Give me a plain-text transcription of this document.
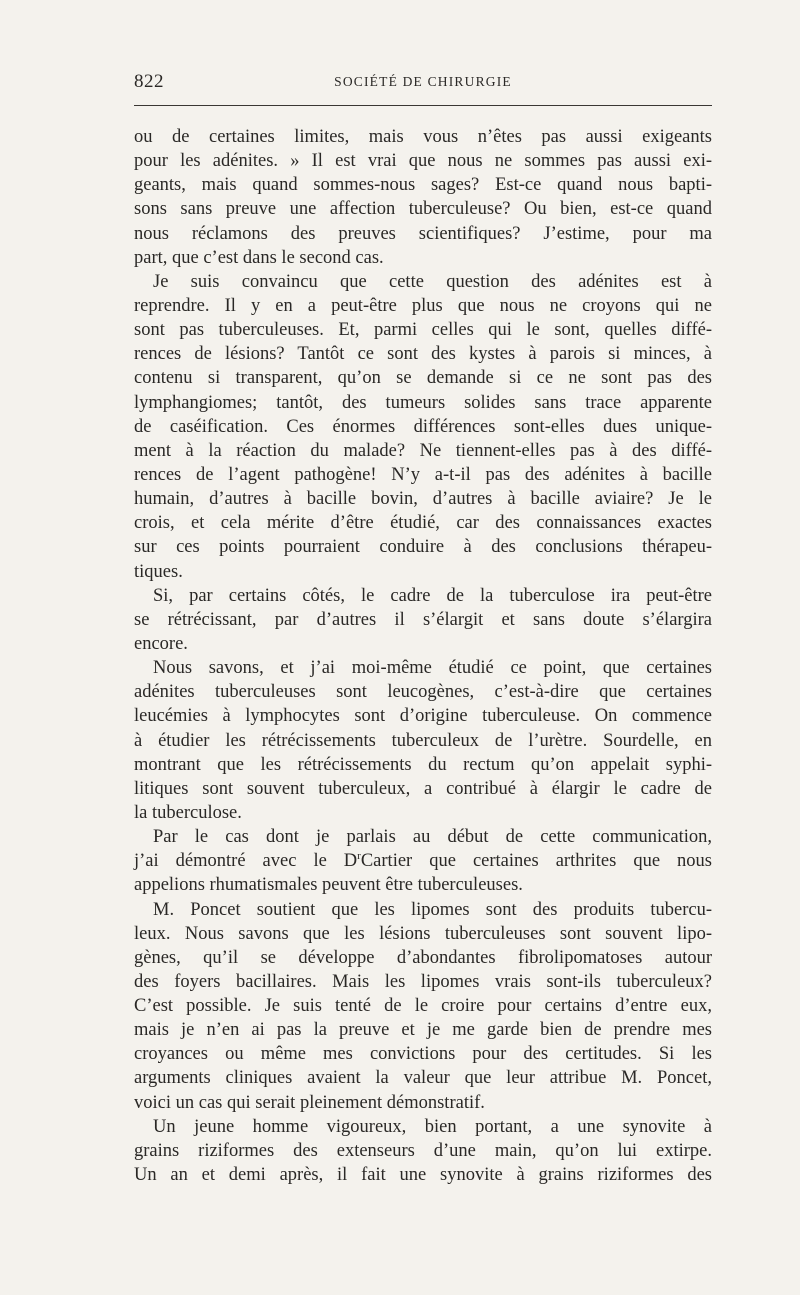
822	SOCIÉTÉ DE CHIRURGIE
ou de certaines limites, mais vous n’êtes pas aussi exigeants
pour les adénites. » Il est vrai que nous ne sommes pas aussi exi-
geants, mais quand sommes-nous sages? Est-ce quand nous bapti-
sons sans preuve une affection tuberculeuse? Ou bien, est-ce quand
nous réclamons des preuves scientifiques? J’estime, pour ma
part, que c’est dans le second cas.
Je suis convaincu que cette question des adénites est à
reprendre. Il y en a peut-être plus que nous ne croyons qui ne
sont pas tuberculeuses. Et, parmi celles qui le sont, quelles diffé-
rences de lésions? Tantôt ce sont des kystes à parois si minces, à
contenu si transparent, qu’on se demande si ce ne sont pas des
lymphangiomes; tantôt, des tumeurs solides sans trace apparente
de caséification. Ces énormes différences sont-elles dues unique-
ment à la réaction du malade? Ne tiennent-elles pas à des diffé-
rences de l’agent pathogène! N’y a-t-il pas des adénites à bacille
humain, d’autres à bacille bovin, d’autres à bacille aviaire? Je le
crois, et cela mérite d’être étudié, car des connaissances exactes
sur ces points pourraient conduire à des conclusions thérapeu-
tiques.
Si, par certains côtés, le cadre de la tuberculose ira peut-être
se rétrécissant, par d’autres il s’élargit et sans doute s’élargira
encore.
Nous savons, et j’ai moi-même étudié ce point, que certaines
adénites tuberculeuses sont leucogènes, c’est-à-dire que certaines
leucémies à lymphocytes sont d’origine tuberculeuse. On commence
à étudier les rétrécissements tuberculeux de l’urètre. Sourdelle, en
montrant que les rétrécissements du rectum qu’on appelait syphi-
litiques sont souvent tuberculeux, a contribué à élargir le cadre de
la tuberculose.
Par le cas dont je parlais au début de cette communication,
j’ai démontré avec le $D^rCartier$ que certaines arthrites que nous
appelions rhumatismales peuvent être tuberculeuses.
M. Poncet soutient que les lipomes sont des produits tubercu-
leux. Nous savons que les lésions tuberculeuses sont souvent lipo-
gènes, qu’il se développe d’abondantes fibrolipomatoses autour
des foyers bacillaires. Mais les lipomes vrais sont-ils tuberculeux?
C’est possible. Je suis tenté de le croire pour certains d’entre eux,
mais je n’en ai pas la preuve et je me garde bien de prendre mes
croyances ou même mes convictions pour des certitudes. Si les
arguments cliniques avaient la valeur que leur attribue M. Poncet,
voici un cas qui serait pleinement démonstratif.
Un jeune homme vigoureux, bien portant, a une synovite à
grains riziformes des extenseurs d’une main, qu’on lui extirpe.
Un an et demi après, il fait une synovite à grains riziformes des
